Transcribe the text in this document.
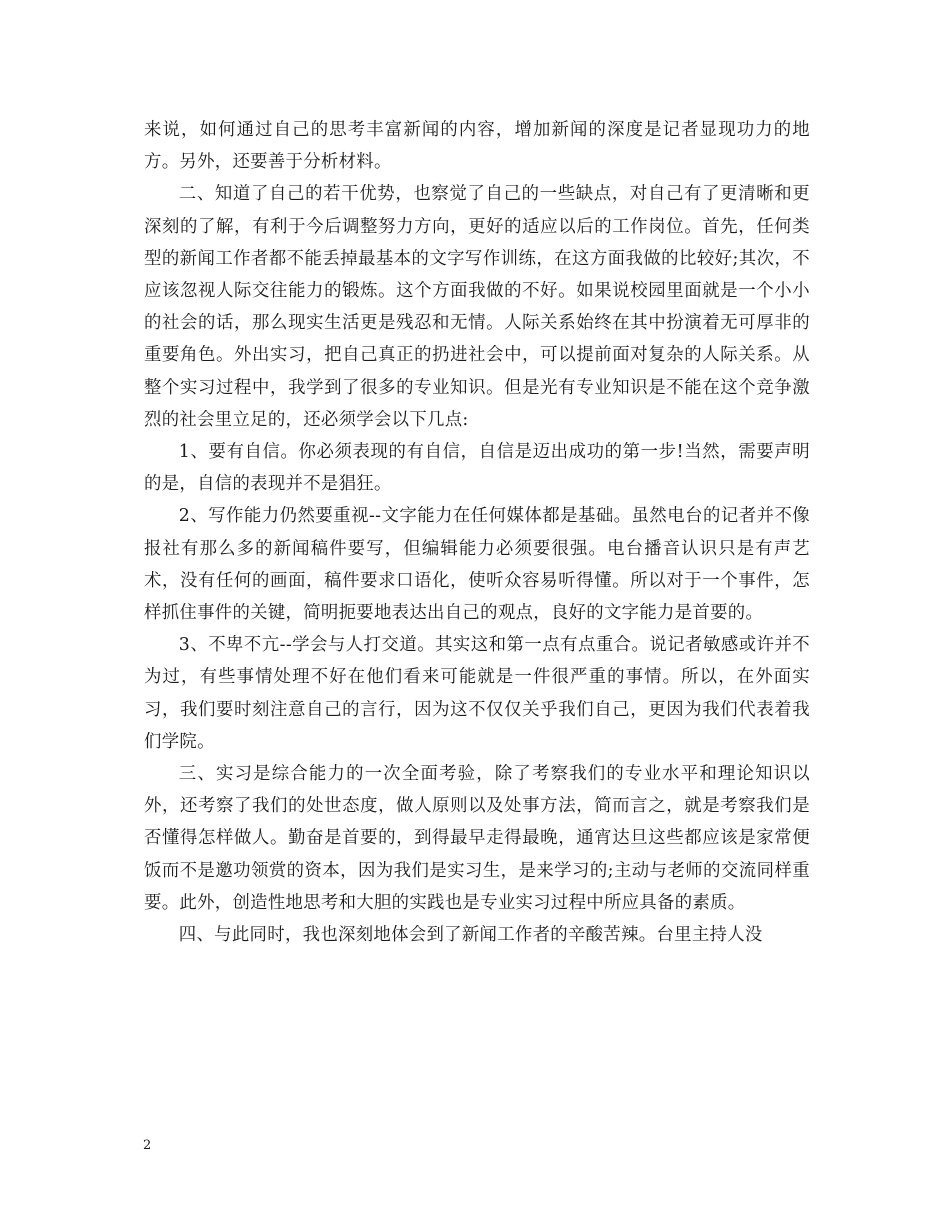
来说，如何通过自己的思考丰富新闻的内容，增加新闻的深度是记者显现功力的地方。另外，还要善于分析材料。

二、知道了自己的若干优势，也察觉了自己的一些缺点，对自己有了更清晰和更深刻的了解，有利于今后调整努力方向，更好的适应以后的工作岗位。首先，任何类型的新闻工作者都不能丢掉最基本的文字写作训练，在这方面我做的比较好;其次，不应该忽视人际交往能力的锻炼。这个方面我做的不好。如果说校园里面就是一个小小的社会的话，那么现实生活更是残忍和无情。人际关系始终在其中扮演着无可厚非的重要角色。外出实习，把自己真正的扔进社会中，可以提前面对复杂的人际关系。从整个实习过程中，我学到了很多的专业知识。但是光有专业知识是不能在这个竞争激烈的社会里立足的，还必须学会以下几点:

1、要有自信。你必须表现的有自信，自信是迈出成功的第一步!当然，需要声明的是，自信的表现并不是猖狂。

2、写作能力仍然要重视--文字能力在任何媒体都是基础。虽然电台的记者并不像报社有那么多的新闻稿件要写，但编辑能力必须要很强。电台播音认识只是有声艺术，没有任何的画面，稿件要求口语化，使听众容易听得懂。所以对于一个事件，怎样抓住事件的关键，简明扼要地表达出自己的观点，良好的文字能力是首要的。

3、不卑不亢--学会与人打交道。其实这和第一点有点重合。说记者敏感或许并不为过，有些事情处理不好在他们看来可能就是一件很严重的事情。所以，在外面实习，我们要时刻注意自己的言行，因为这不仅仅关乎我们自己，更因为我们代表着我们学院。

三、实习是综合能力的一次全面考验，除了考察我们的专业水平和理论知识以外，还考察了我们的处世态度，做人原则以及处事方法，简而言之，就是考察我们是否懂得怎样做人。勤奋是首要的，到得最早走得最晚，通宵达旦这些都应该是家常便饭而不是邀功领赏的资本，因为我们是实习生，是来学习的;主动与老师的交流同样重要。此外，创造性地思考和大胆的实践也是专业实习过程中所应具备的素质。

四、与此同时，我也深刻地体会到了新闻工作者的辛酸苦辣。台里主持人没

2
